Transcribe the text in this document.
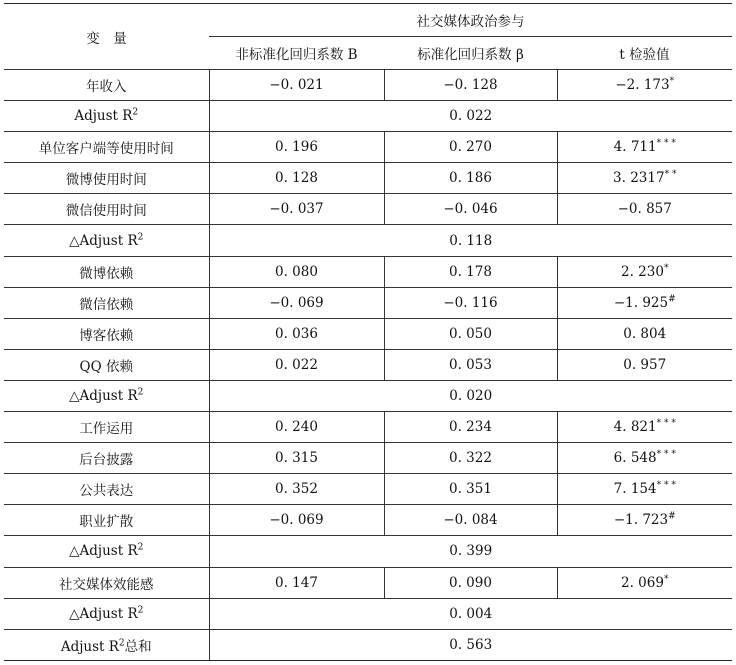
变　量	社交媒体政治参与		
	非标准化回归系数 B	标准化回归系数 β	t 检验值
年收入	−0. 021	−0. 128	−2. 173*
Adjust $R^2$	0. 022		
单位客户端等使用时间	0. 196	0. 270	4. 711* * *
微博使用时间	0. 128	0. 186	3. 2317* *
微信使用时间	−0. 037	−0. 046	−0. 857
△Adjust $R^2$	0. 118		
微博依赖	0. 080	0. 178	2. 230*
微信依赖	−0. 069	−0. 116	−1. 925#
博客依赖	0. 036	0. 050	0. 804
QQ 依赖	0. 022	0. 053	0. 957
△Adjust $R^2$	0. 020		
工作运用	0. 240	0. 234	4. 821* * *
后台披露	0. 315	0. 322	6. 548* * *
公共表达	0. 352	0. 351	7. 154* * *
职业扩散	−0. 069	−0. 084	−1. 723#
△Adjust $R^2$	0. 399		
社交媒体效能感	0. 147	0. 090	2. 069*
△Adjust $R^2$	0. 004		
Adjust $R^2$总和	0. 563		
